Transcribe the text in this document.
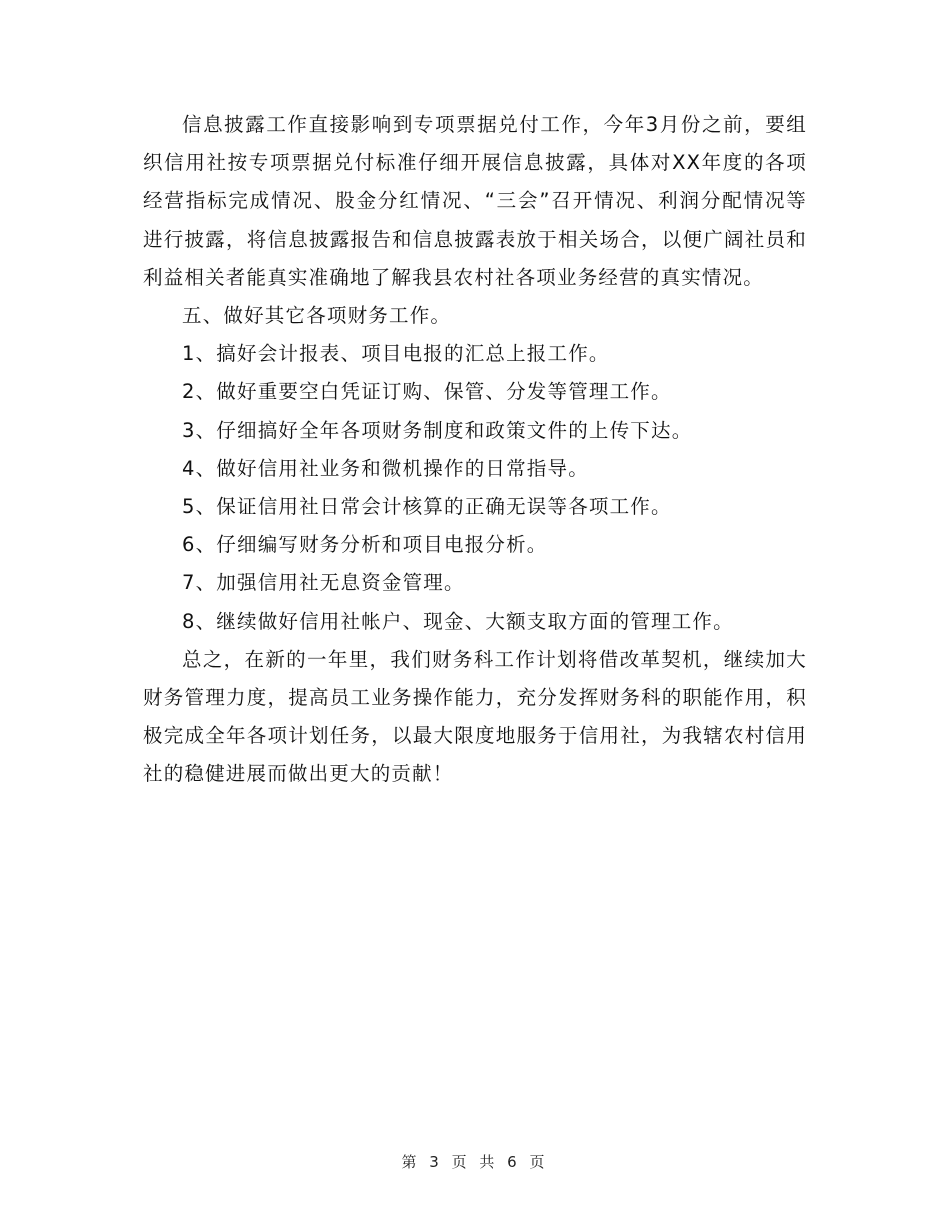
信息披露工作直接影响到专项票据兑付工作，今年3月份之前，要组织信用社按专项票据兑付标准仔细开展信息披露，具体对XX年度的各项经营指标完成情况、股金分红情况、“三会”召开情况、利润分配情况等进行披露，将信息披露报告和信息披露表放于相关场合，以便广阔社员和利益相关者能真实准确地了解我县农村社各项业务经营的真实情况。

五、做好其它各项财务工作。

1、搞好会计报表、项目电报的汇总上报工作。

2、做好重要空白凭证订购、保管、分发等管理工作。

3、仔细搞好全年各项财务制度和政策文件的上传下达。

4、做好信用社业务和微机操作的日常指导。

5、保证信用社日常会计核算的正确无误等各项工作。

6、仔细编写财务分析和项目电报分析。

7、加强信用社无息资金管理。

8、继续做好信用社帐户、现金、大额支取方面的管理工作。

总之，在新的一年里，我们财务科工作计划将借改革契机，继续加大财务管理力度，提高员工业务操作能力，充分发挥财务科的职能作用，积极完成全年各项计划任务，以最大限度地服务于信用社，为我辖农村信用社的稳健进展而做出更大的贡献！

第 3 页 共 6 页
